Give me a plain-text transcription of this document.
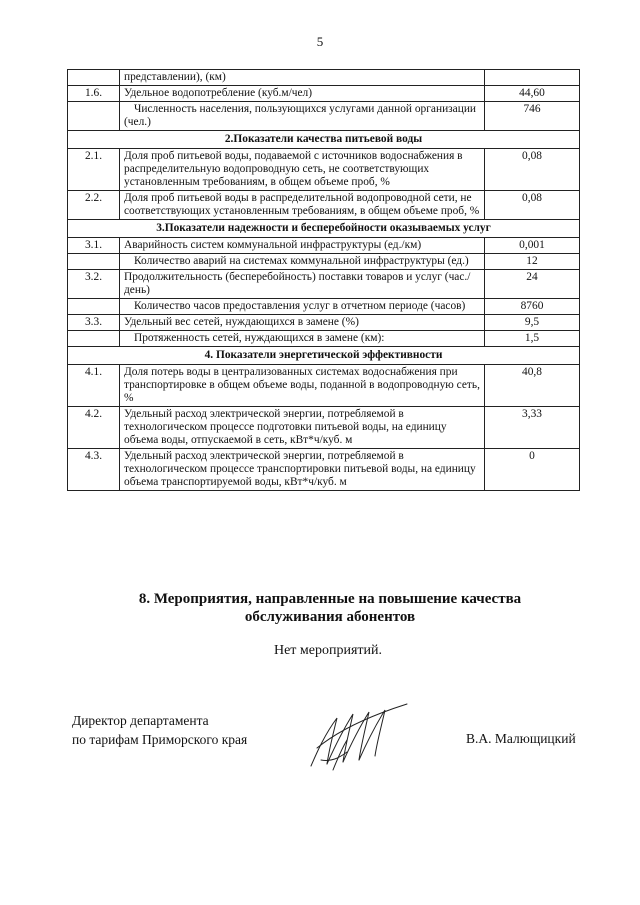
5
	представлении), (км)	
1.6.	Удельное водопотребление (куб.м/чел)	44,60
	Численность населения, пользующихся услугами данной организации (чел.)	746
2.Показатели качества питьевой воды		
2.1.	Доля проб питьевой воды, подаваемой с источников водоснабжения в распределительную водопроводную сеть, не соответствующих установленным требованиям, в общем объеме проб, %	0,08
2.2.	Доля проб питьевой воды в распределительной водопроводной сети, не соответствующих установленным требованиям, в общем объеме проб, %	0,08
3.Показатели надежности и бесперебойности оказываемых услуг		
3.1.	Аварийность систем коммунальной инфраструктуры (ед./км)	0,001
	Количество аварий на системах коммунальной инфраструктуры (ед.)	12
3.2.	Продолжительность (бесперебойность) поставки товаров и услуг (час./день)	24
	Количество часов предоставления услуг в отчетном периоде (часов)	8760
3.3.	Удельный вес сетей, нуждающихся в замене (%)	9,5
	Протяженность сетей, нуждающихся в замене (км):	1,5
4. Показатели энергетической эффективности		
4.1.	Доля потерь воды в централизованных системах водоснабжения при транспортировке в общем объеме воды, поданной в водопроводную сеть, %	40,8
4.2.	Удельный расход электрической энергии, потребляемой в технологическом процессе подготовки питьевой воды, на единицу объема воды, отпускаемой в сеть, кВт*ч/куб. м	3,33
4.3.	Удельный расход электрической энергии, потребляемой в технологическом процессе транспортировки питьевой воды, на единицу объема транспортируемой воды, кВт*ч/куб. м	0
8. Мероприятия, направленные на повышение качества
обслуживания абонентов
Нет мероприятий.
Директор департамента
по тарифам Приморского края	В.А. Малющицкий
